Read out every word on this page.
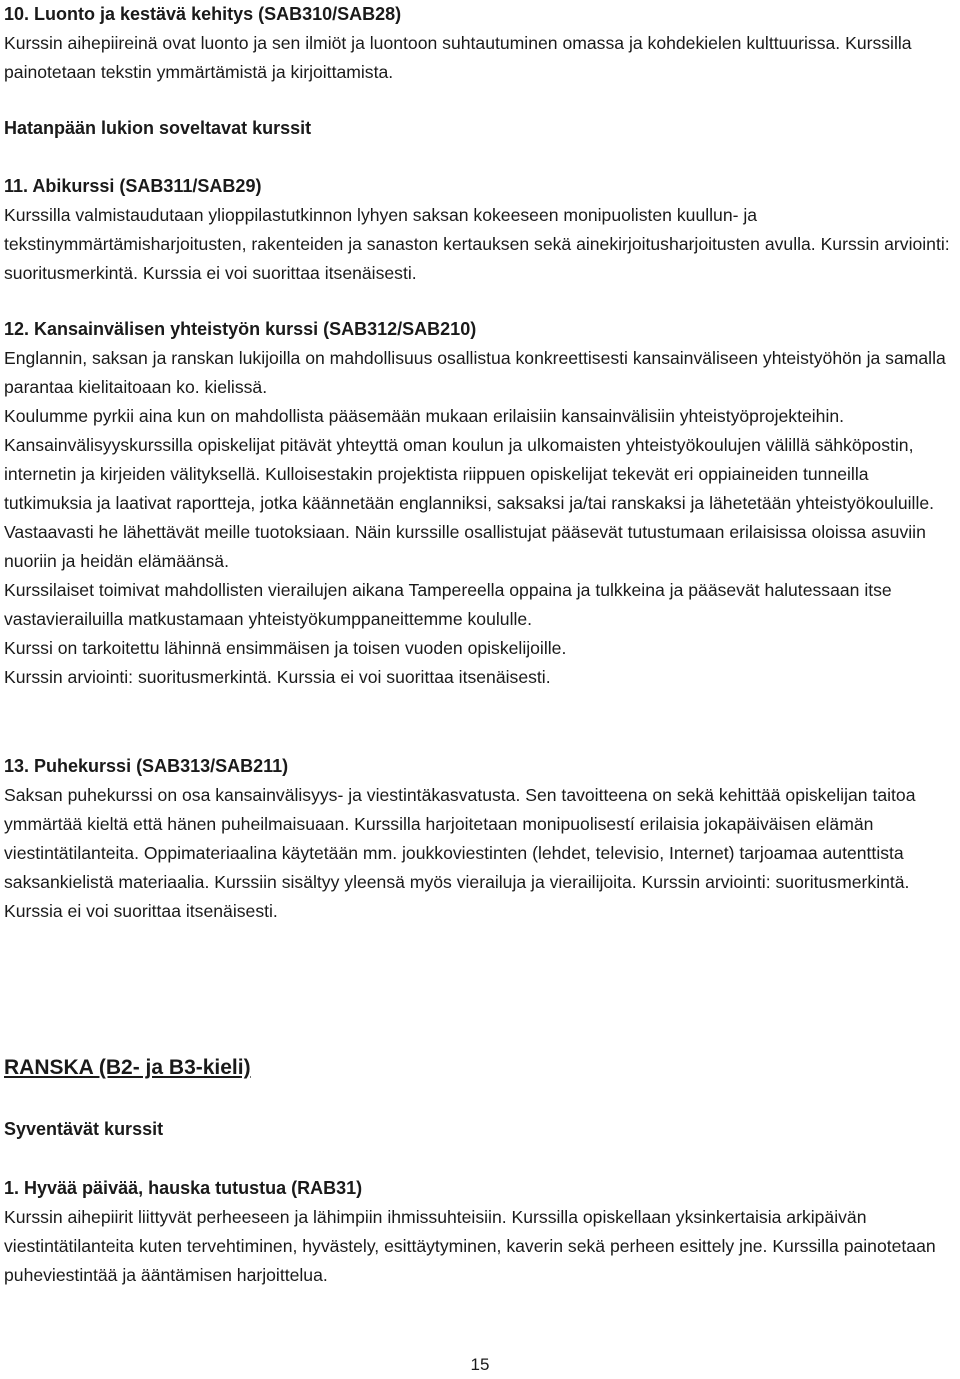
10. Luonto ja kestävä kehitys (SAB310/SAB28)

Kurssin aihepiireinä ovat luonto ja sen ilmiöt ja luontoon suhtautuminen omassa ja kohdekielen kulttuurissa. Kurssilla painotetaan tekstin ymmärtämistä ja kirjoittamista.

Hatanpään lukion soveltavat kurssit

11. Abikurssi (SAB311/SAB29)

Kurssilla valmistaudutaan ylioppilastutkinnon lyhyen saksan kokeeseen monipuolisten kuullun- ja tekstinymmärtämisharjoitusten, rakenteiden ja sanaston kertauksen sekä ainekirjoitusharjoitusten avulla. Kurssin arviointi: suoritusmerkintä. Kurssia ei voi suorittaa itsenäisesti.

12. Kansainvälisen yhteistyön kurssi (SAB312/SAB210)

Englannin, saksan ja ranskan lukijoilla on mahdollisuus osallistua konkreettisesti kansainväliseen yhteistyöhön ja samalla parantaa kielitaitoaan ko. kielissä.

Koulumme pyrkii aina kun on mahdollista pääsemään mukaan erilaisiin kansainvälisiin yhteistyöprojekteihin. Kansainvälisyyskurssilla opiskelijat pitävät yhteyttä oman koulun ja ulkomaisten yhteistyökoulujen välillä sähköpostin, internetin ja kirjeiden välityksellä. Kulloisestakin projektista riippuen opiskelijat tekevät eri oppiaineiden tunneilla tutkimuksia ja laativat raportteja, jotka käännetään englanniksi, saksaksi ja/tai ranskaksi ja lähetetään yhteistyökouluille. Vastaavasti he lähettävät meille tuotoksiaan. Näin kurssille osallistujat pääsevät tutustumaan erilaisissa oloissa asuviin nuoriin ja heidän elämäänsä.

Kurssilaiset toimivat mahdollisten vierailujen aikana Tampereella oppaina ja tulkkeina ja pääsevät halutessaan itse vastavierailuilla matkustamaan yhteistyökumppaneittemme koululle.

Kurssi on tarkoitettu lähinnä ensimmäisen ja toisen vuoden opiskelijoille.

Kurssin arviointi: suoritusmerkintä. Kurssia ei voi suorittaa itsenäisesti.

13. Puhekurssi (SAB313/SAB211)

Saksan puhekurssi on osa kansainvälisyys- ja viestintäkasvatusta. Sen tavoitteena on sekä kehittää opiskelijan taitoa ymmärtää kieltä että hänen puheilmaisuaan. Kurssilla harjoitetaan monipuolisestí erilaisia jokapäiväisen elämän viestintätilanteita. Oppimateriaalina käytetään mm. joukkoviestinten (lehdet, televisio, Internet) tarjoamaa autenttista saksankielistä materiaalia. Kurssiin sisältyy yleensä myös vierailuja ja vierailijoita. Kurssin arviointi: suoritusmerkintä. Kurssia ei voi suorittaa itsenäisesti.

RANSKA (B2- ja B3-kieli)

Syventävät kurssit

1. Hyvää päivää, hauska tutustua (RAB31)

Kurssin aihepiirit liittyvät perheeseen ja lähimpiin ihmissuhteisiin. Kurssilla opiskellaan yksinkertaisia arkipäivän viestintätilanteita kuten tervehtiminen, hyvästely, esittäytyminen, kaverin sekä perheen esittely jne. Kurssilla painotetaan puheviestintää ja ääntämisen harjoittelua.

15
